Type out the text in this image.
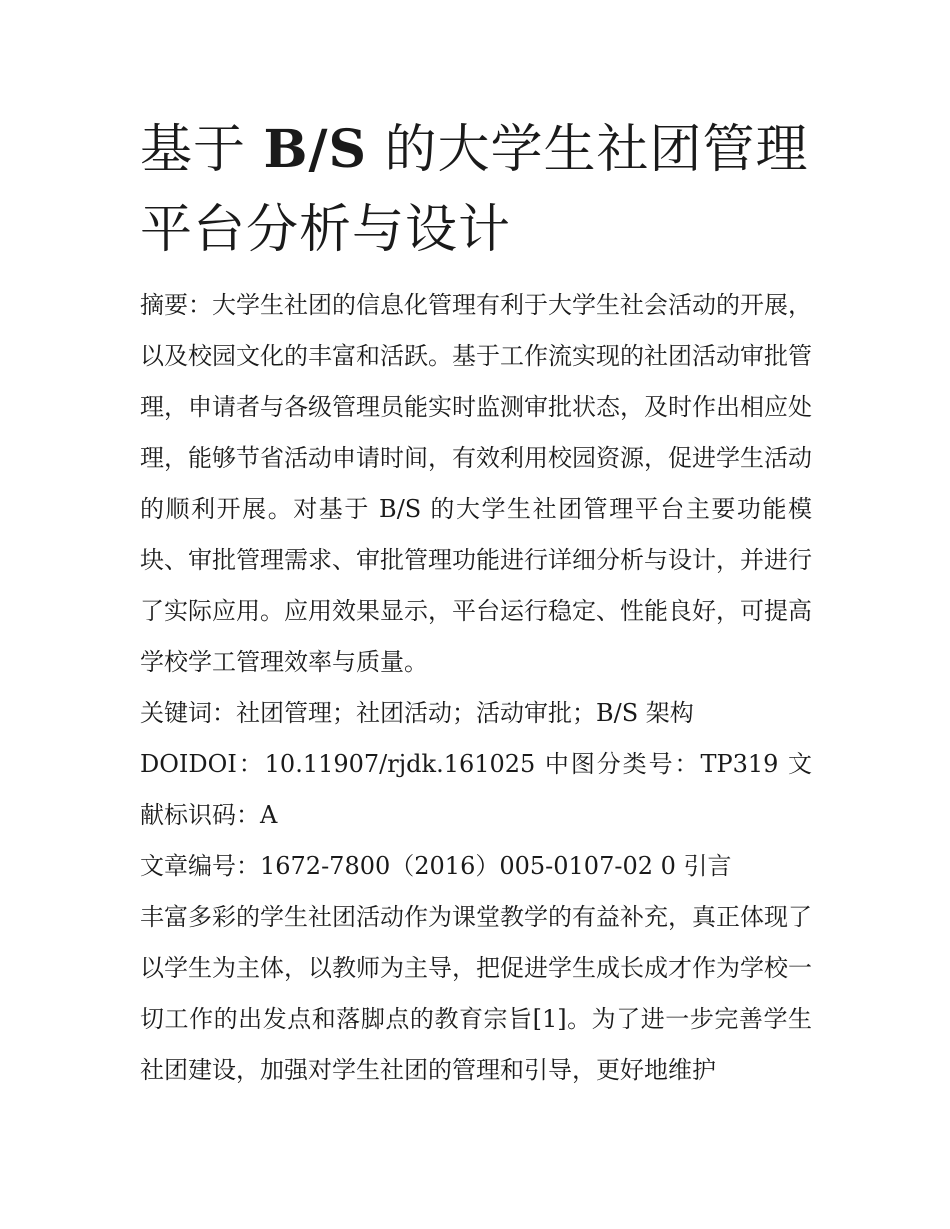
基于 B/S 的大学生社团管理平台分析与设计

摘要：大学生社团的信息化管理有利于大学生社会活动的开展，以及校园文化的丰富和活跃。基于工作流实现的社团活动审批管理，申请者与各级管理员能实时监测审批状态，及时作出相应处理，能够节省活动申请时间，有效利用校园资源，促进学生活动的顺利开展。对基于 B/S 的大学生社团管理平台主要功能模块、审批管理需求、审批管理功能进行详细分析与设计，并进行了实际应用。应用效果显示，平台运行稳定、性能良好，可提高学校学工管理效率与质量。

关键词：社团管理；社团活动；活动审批；B/S 架构

DOIDOI：10.11907/rjdk.161025 中图分类号：TP319 文献标识码：A

文章编号：1672-7800（2016）005-0107-02 0 引言

丰富多彩的学生社团活动作为课堂教学的有益补充，真正体现了以学生为主体，以教师为主导，把促进学生成长成才作为学校一切工作的出发点和落脚点的教育宗旨[1]。为了进一步完善学生社团建设，加强对学生社团的管理和引导，更好地维护
